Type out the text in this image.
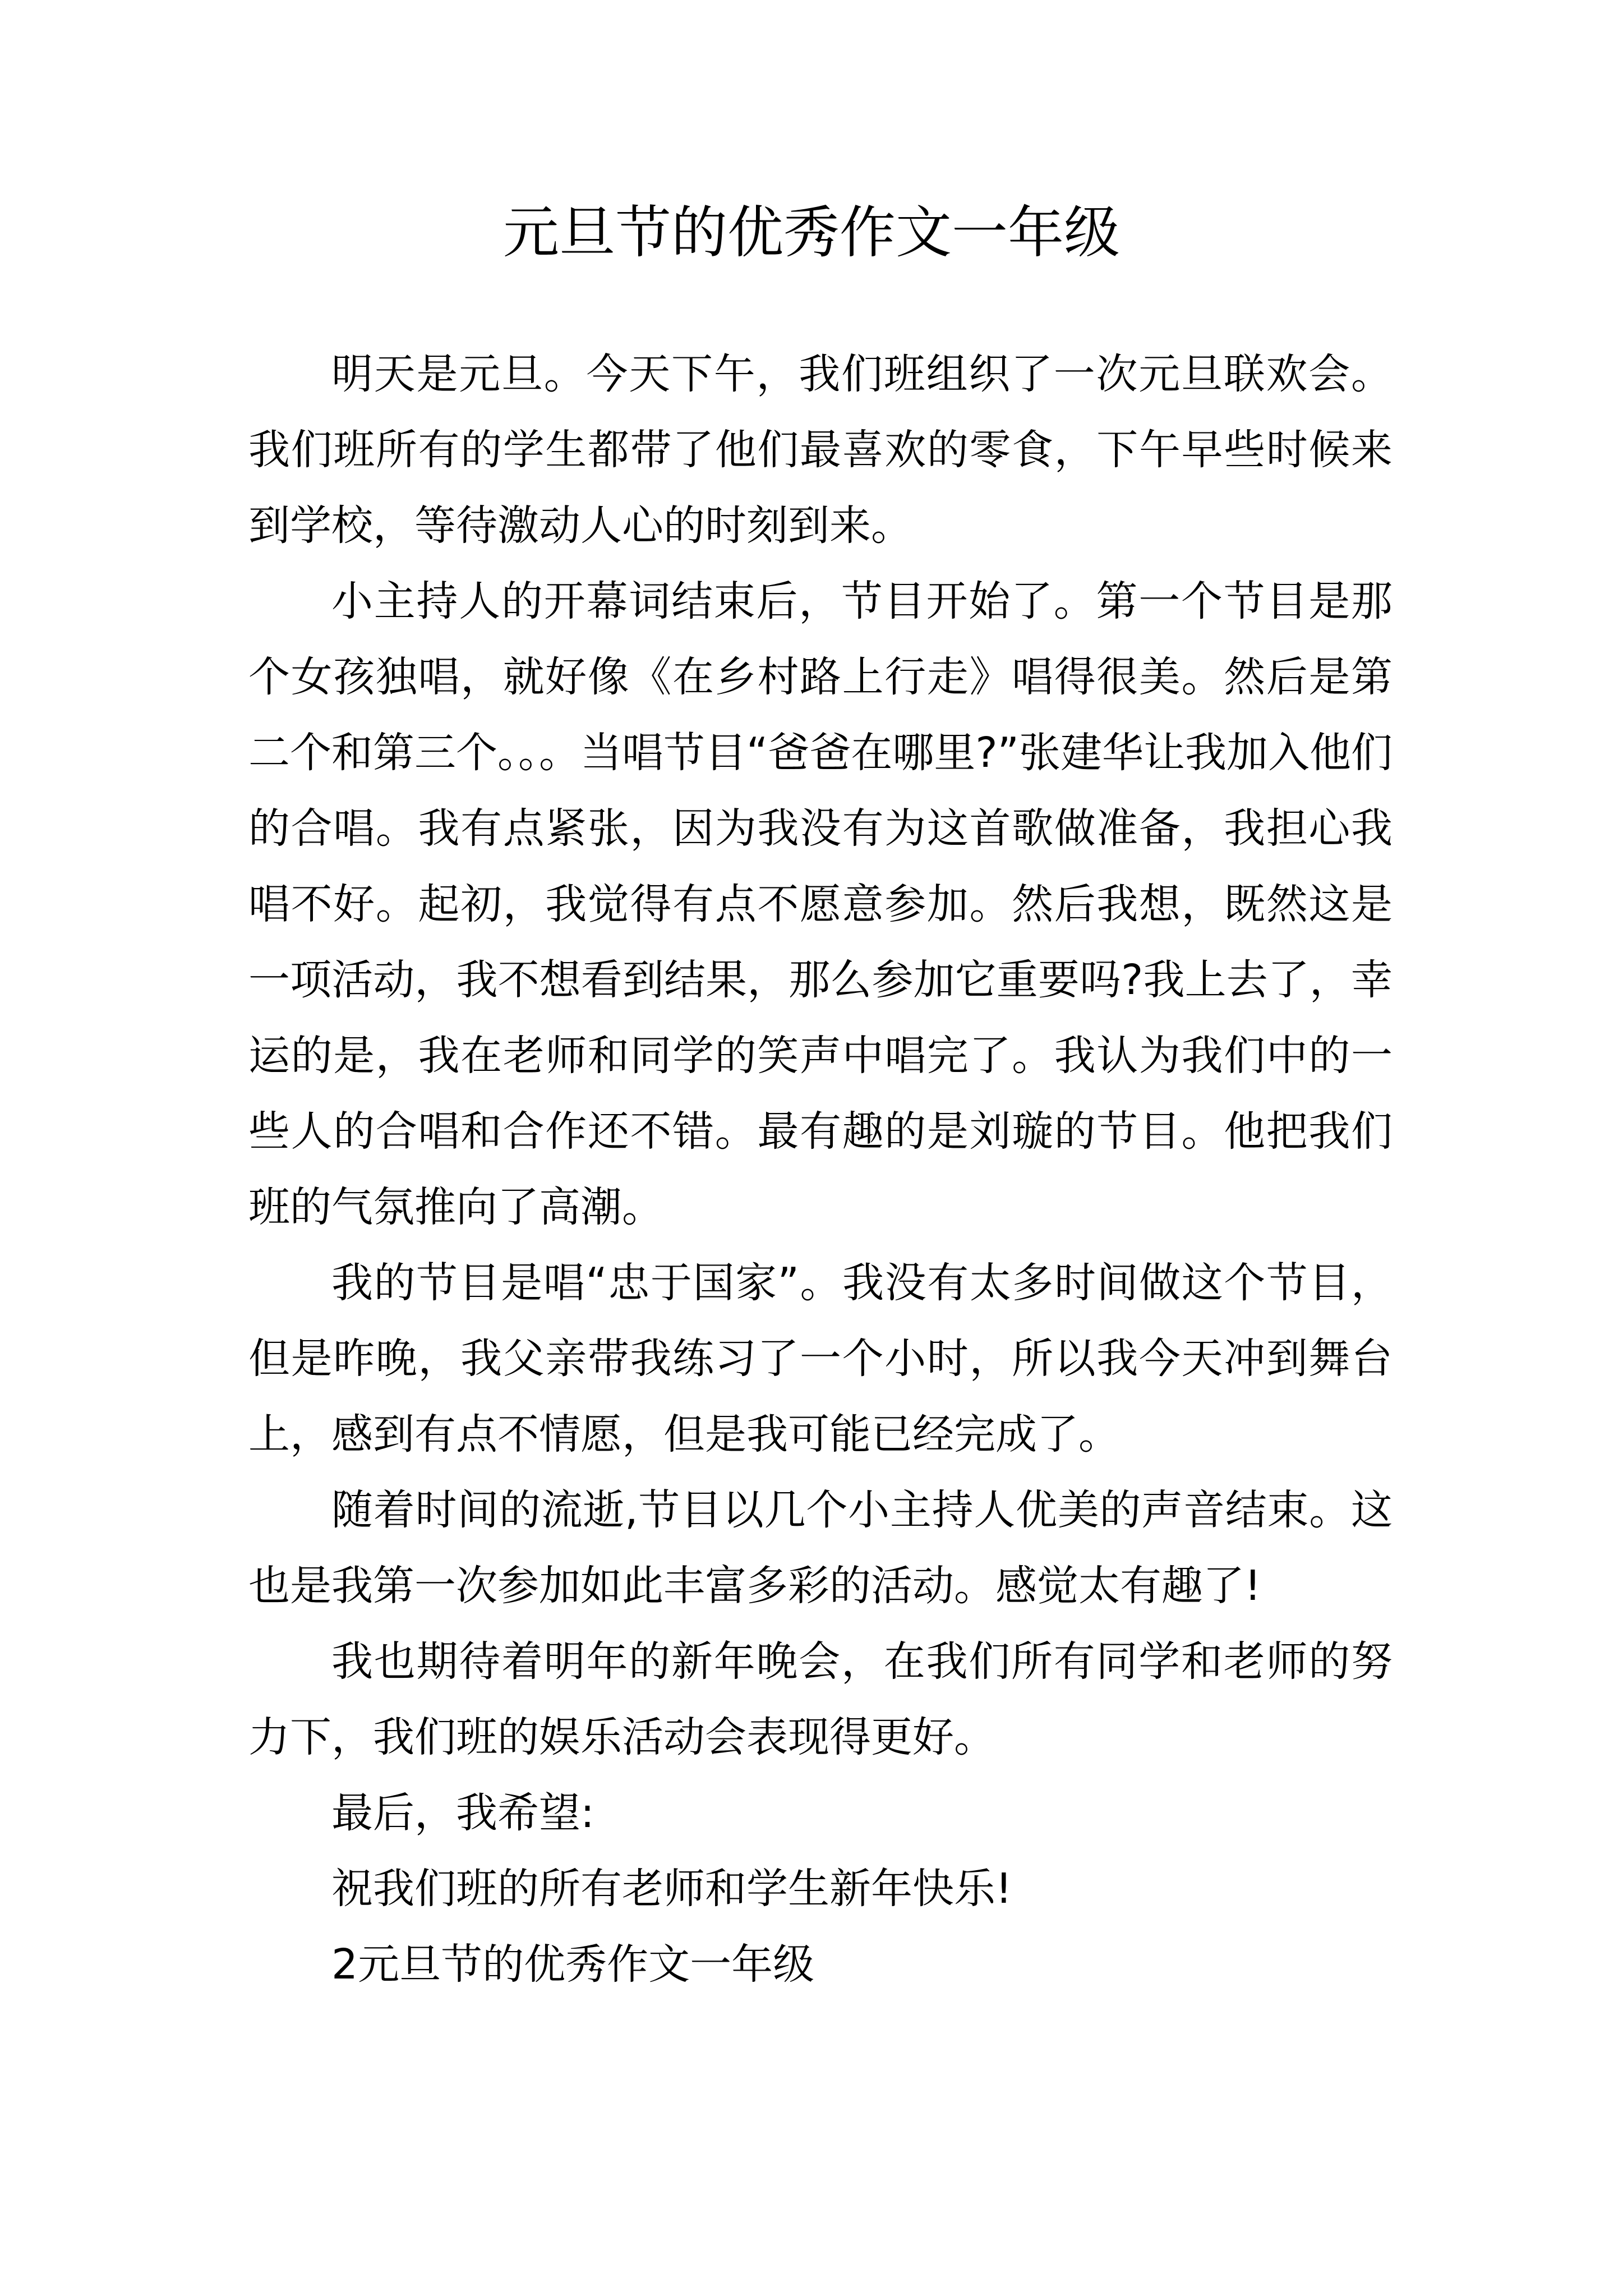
元旦节的优秀作文一年级

明天是元旦。今天下午，我们班组织了一次元旦联欢会。我们班所有的学生都带了他们最喜欢的零食，下午早些时候来到学校，等待激动人心的时刻到来。

小主持人的开幕词结束后，节目开始了。第一个节目是那个女孩独唱，就好像《在乡村路上行走》唱得很美。然后是第二个和第三个。。。当唱节目“爸爸在哪里?”张建华让我加入他们的合唱。我有点紧张，因为我没有为这首歌做准备，我担心我唱不好。起初，我觉得有点不愿意参加。然后我想，既然这是一项活动，我不想看到结果，那么参加它重要吗?我上去了，幸运的是，我在老师和同学的笑声中唱完了。我认为我们中的一些人的合唱和合作还不错。最有趣的是刘璇的节目。他把我们班的气氛推向了高潮。

我的节目是唱“忠于国家”。我没有太多时间做这个节目，但是昨晚，我父亲带我练习了一个小时，所以我今天冲到舞台上，感到有点不情愿，但是我可能已经完成了。

随着时间的流逝,节目以几个小主持人优美的声音结束。这也是我第一次参加如此丰富多彩的活动。感觉太有趣了!

我也期待着明年的新年晚会，在我们所有同学和老师的努力下，我们班的娱乐活动会表现得更好。

最后，我希望:

祝我们班的所有老师和学生新年快乐!

2元旦节的优秀作文一年级
